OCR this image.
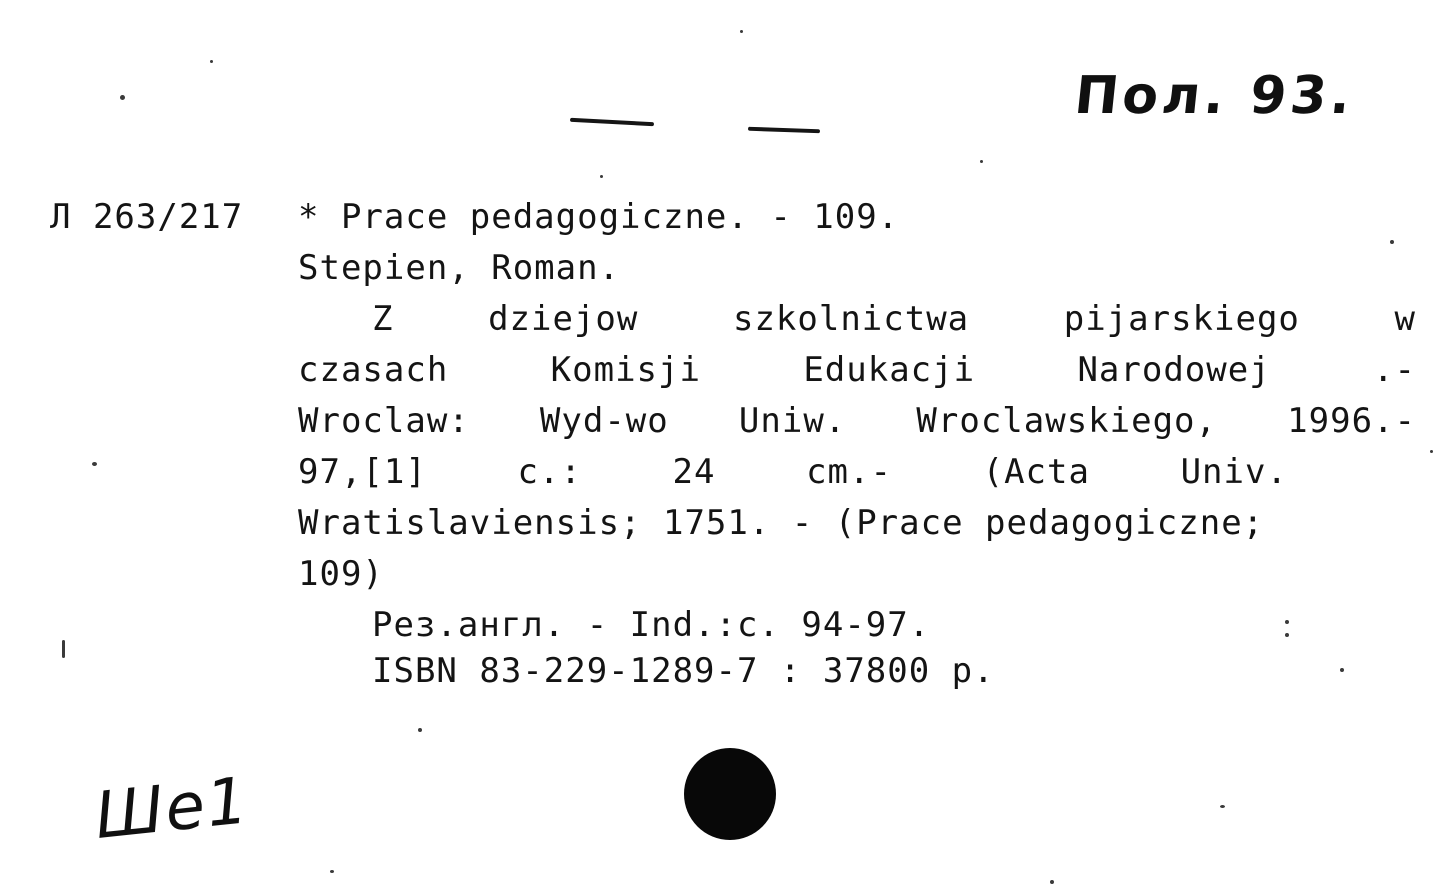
Пол. 93.
Л 263/217 * Prace pedagogiczne. - 109.
Stepien, Roman.
Z	dziejow	szkolnictwa	pijarskiego	w
czasach	Komisji	Edukacji	Narodowej	.-
Wroclaw: Wyd-wo Uniw. Wroclawskiego, 1996.-
97,[1]	c.:	24	cm.-	(Acta	Univ.
Wratislaviensis; 1751. - (Prace pedagogiczne;
109)
Рез.англ. - Ind.:c. 94-97.
ISBN 83-229-1289-7 : 37800 р.
Ше1
